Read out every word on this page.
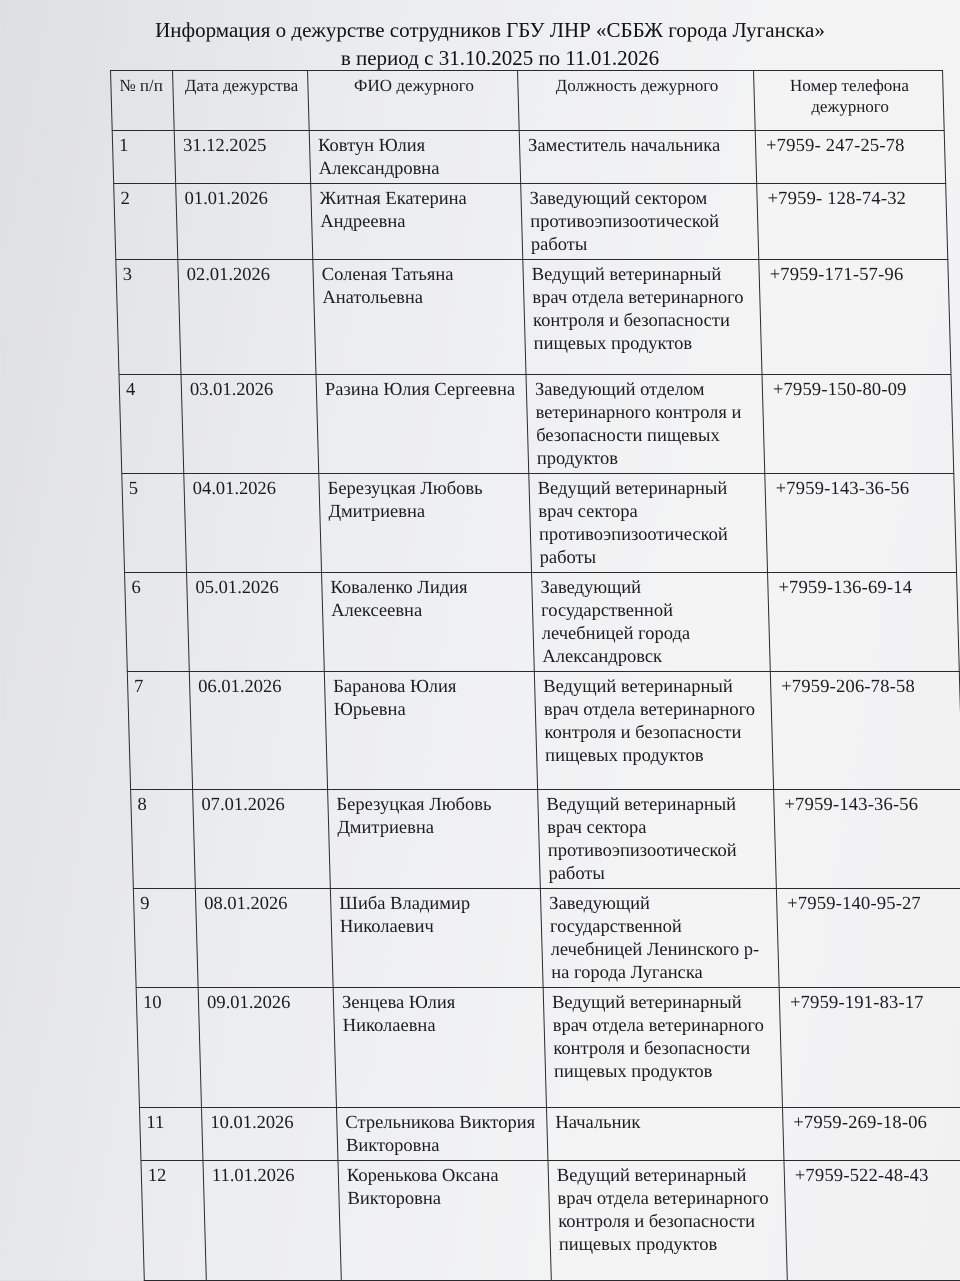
Информация о дежурстве сотрудников ГБУ ЛНР «СББЖ города Луганска»
в период с 31.10.2025 по 11.01.2026
№ п/п	Дата дежурства	ФИО дежурного	Должность дежурного	Номер телефона дежурного
1	31.12.2025	Ковтун Юлия Александровна	Заместитель начальника	+7959- 247-25-78
2	01.01.2026	Житная Екатерина Андреевна	Заведующий сектором противоэпизоотической работы	+7959- 128-74-32
3	02.01.2026	Соленая Татьяна Анатольевна	Ведущий ветеринарный врач отдела ветеринарного контроля и безопасности пищевых продуктов	+7959-171-57-96
4	03.01.2026	Разина Юлия Сергеевна	Заведующий отделом ветеринарного контроля и безопасности пищевых продуктов	+7959-150-80-09
5	04.01.2026	Березуцкая Любовь Дмитриевна	Ведущий ветеринарный врач сектора противоэпизоотической работы	+7959-143-36-56
6	05.01.2026	Коваленко Лидия Алексеевна	Заведующий государственной лечебницей города Александровск	+7959-136-69-14
7	06.01.2026	Баранова Юлия Юрьевна	Ведущий ветеринарный врач отдела ветеринарного контроля и безопасности пищевых продуктов	+7959-206-78-58
8	07.01.2026	Березуцкая Любовь Дмитриевна	Ведущий ветеринарный врач сектора противоэпизоотической работы	+7959-143-36-56
9	08.01.2026	Шиба Владимир Николаевич	Заведующий государственной лечебницей Ленинского р-на города Луганска	+7959-140-95-27
10	09.01.2026	Зенцева Юлия Николаевна	Ведущий ветеринарный врач отдела ветеринарного контроля и безопасности пищевых продуктов	+7959-191-83-17
11	10.01.2026	Стрельникова Виктория Викторовна	Начальник	+7959-269-18-06
12	11.01.2026	Коренькова Оксана Викторовна	Ведущий ветеринарный врач отдела ветеринарного контроля и безопасности пищевых продуктов	+7959-522-48-43
